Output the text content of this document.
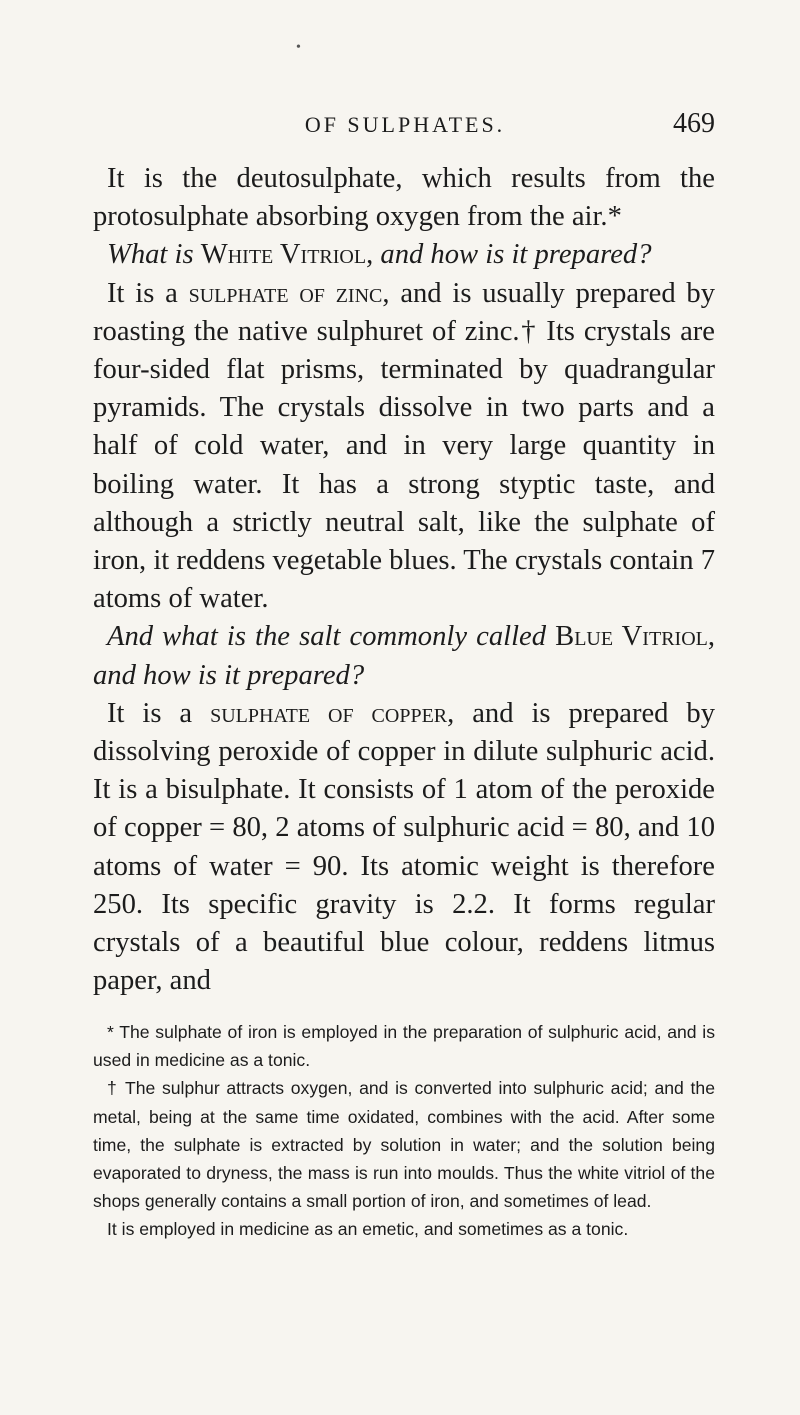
•
OF SULPHATES.	469

It is the deutosulphate, which results from the protosulphate absorbing oxygen from the air.*

What is White Vitriol, and how is it prepared?

It is a sulphate of zinc, and is usually prepared by roasting the native sulphuret of zinc.† Its crystals are four-sided flat prisms, terminated by quadrangular pyramids. The crystals dissolve in two parts and a half of cold water, and in very large quantity in boiling water. It has a strong styptic taste, and although a strictly neutral salt, like the sulphate of iron, it reddens vegetable blues. The crystals contain 7 atoms of water.

And what is the salt commonly called Blue Vitriol, and how is it prepared?

It is a sulphate of copper, and is prepared by dissolving peroxide of copper in dilute sulphuric acid. It is a bisulphate. It consists of 1 atom of the peroxide of copper = 80, 2 atoms of sulphuric acid = 80, and 10 atoms of water = 90. Its atomic weight is therefore 250. Its specific gravity is 2.2. It forms regular crystals of a beautiful blue colour, reddens litmus paper, and

* The sulphate of iron is employed in the preparation of sulphuric acid, and is used in medicine as a tonic.

† The sulphur attracts oxygen, and is converted into sulphuric acid; and the metal, being at the same time oxidated, combines with the acid. After some time, the sulphate is extracted by solution in water; and the solution being evaporated to dryness, the mass is run into moulds. Thus the white vitriol of the shops generally contains a small portion of iron, and sometimes of lead.

It is employed in medicine as an emetic, and sometimes as a tonic.
